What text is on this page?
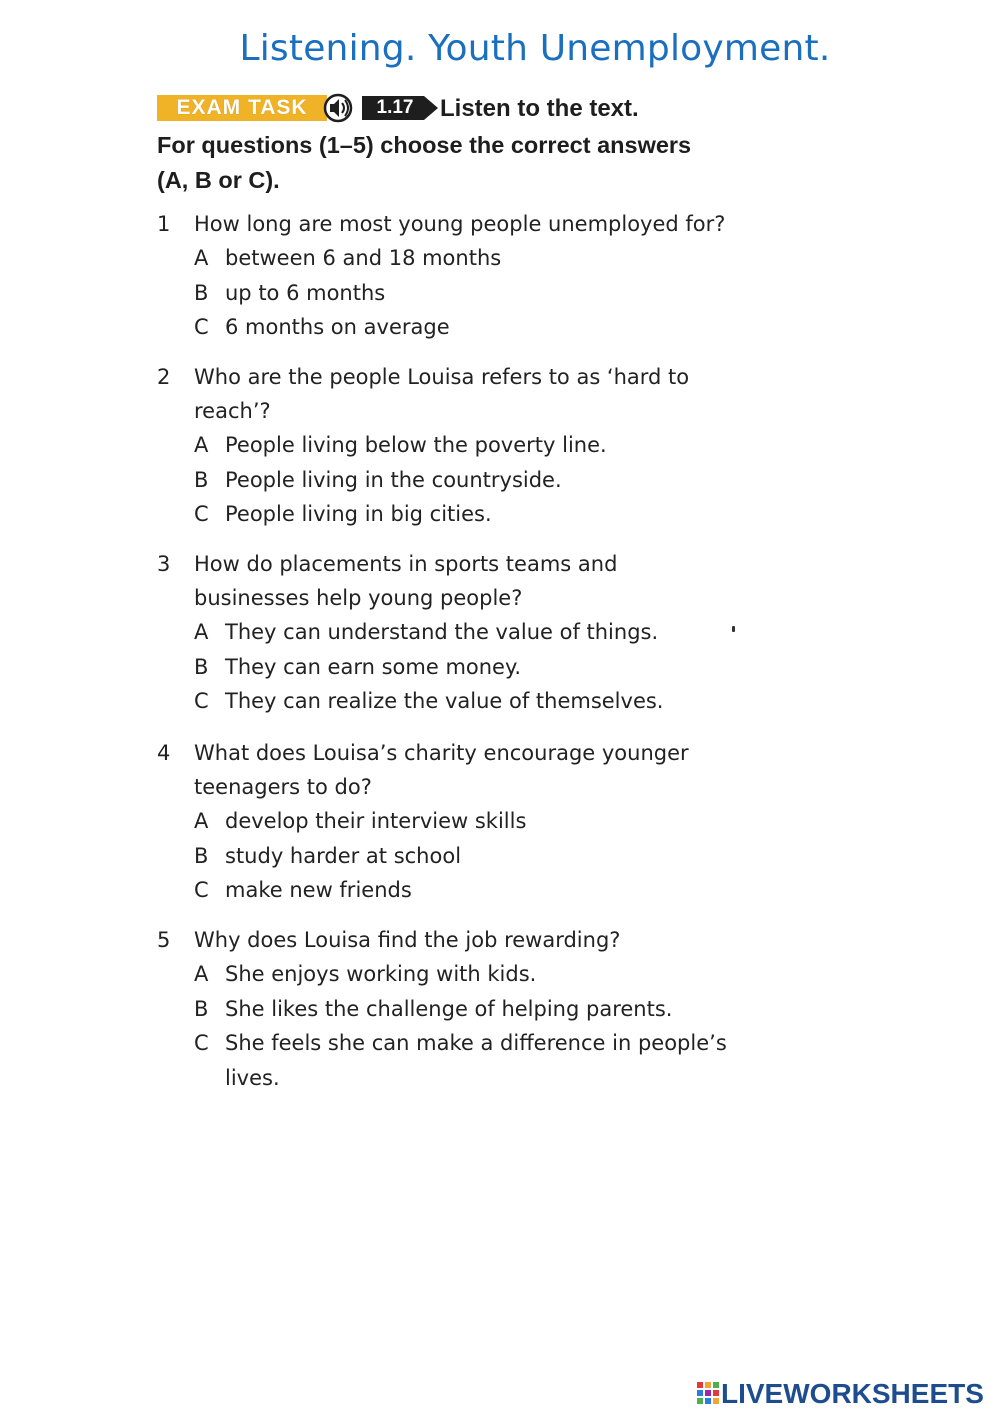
Listening. Youth Unemployment.
EXAM TASK	1.17	Listen to the text.
For questions (1–5) choose the correct answers
(A, B or C).
1	How long are most young people unemployed for?
A between 6 and 18 months
B up to 6 months
C 6 months on average
2	Who are the people Louisa refers to as ‘hard to
reach’?
A People living below the poverty line.
B People living in the countryside.
C People living in big cities.
3	How do placements in sports teams and
businesses help young people?
A They can understand the value of things.
B They can earn some money.
C They can realize the value of themselves.
4	What does Louisa’s charity encourage younger
teenagers to do?
A develop their interview skills
B study harder at school
C make new friends
5	Why does Louisa find the job rewarding?
A She enjoys working with kids.
B She likes the challenge of helping parents.
C She feels she can make a difference in people’s
lives.
LIVEWORKSHEETS
